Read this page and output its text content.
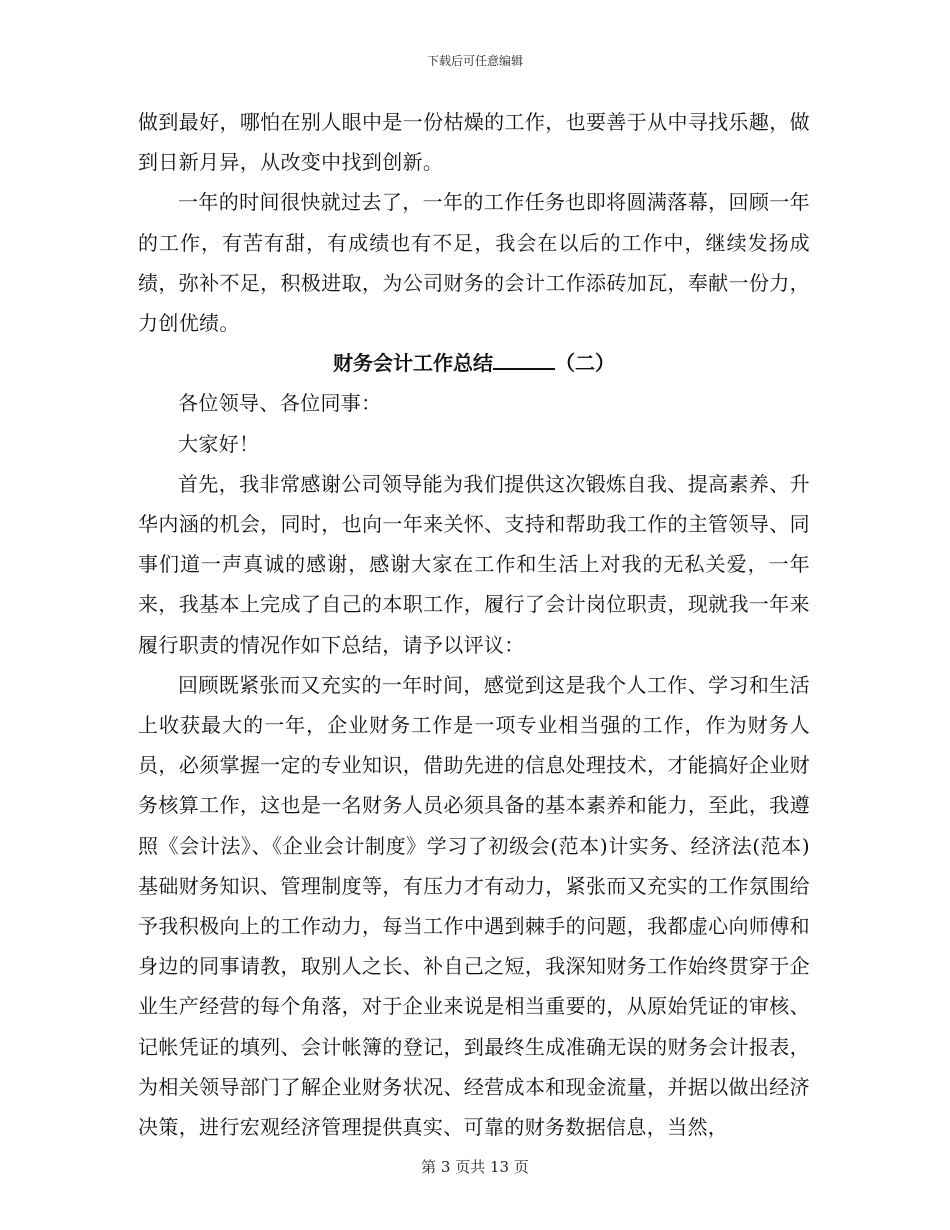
下载后可任意编辑

做到最好，哪怕在别人眼中是一份枯燥的工作，也要善于从中寻找乐趣，做到日新月异，从改变中找到创新。

一年的时间很快就过去了，一年的工作任务也即将圆满落幕，回顾一年的工作，有苦有甜，有成绩也有不足，我会在以后的工作中，继续发扬成绩，弥补不足，积极进取，为公司财务的会计工作添砖加瓦，奉献一份力，力创优绩。

财务会计工作总结	（二）

各位领导、各位同事：

大家好！

首先，我非常感谢公司领导能为我们提供这次锻炼自我、提高素养、升华内涵的机会，同时，也向一年来关怀、支持和帮助我工作的主管领导、同事们道一声真诚的感谢，感谢大家在工作和生活上对我的无私关爱，一年来，我基本上完成了自己的本职工作，履行了会计岗位职责，现就我一年来履行职责的情况作如下总结，请予以评议：

回顾既紧张而又充实的一年时间，感觉到这是我个人工作、学习和生活上收获最大的一年，企业财务工作是一项专业相当强的工作，作为财务人员，必须掌握一定的专业知识，借助先进的信息处理技术，才能搞好企业财务核算工作，这也是一名财务人员必须具备的基本素养和能力，至此，我遵照《会计法》、《企业会计制度》学习了初级会(范本)计实务、经济法(范本)基础财务知识、管理制度等，有压力才有动力，紧张而又充实的工作氛围给予我积极向上的工作动力，每当工作中遇到棘手的问题，我都虚心向师傅和身边的同事请教，取别人之长、补自己之短，我深知财务工作始终贯穿于企业生产经营的每个角落，对于企业来说是相当重要的，从原始凭证的审核、记帐凭证的填列、会计帐簿的登记，到最终生成准确无误的财务会计报表，为相关领导部门了解企业财务状况、经营成本和现金流量，并据以做出经济决策，进行宏观经济管理提供真实、可靠的财务数据信息，当然，

第 3 页共 13 页
